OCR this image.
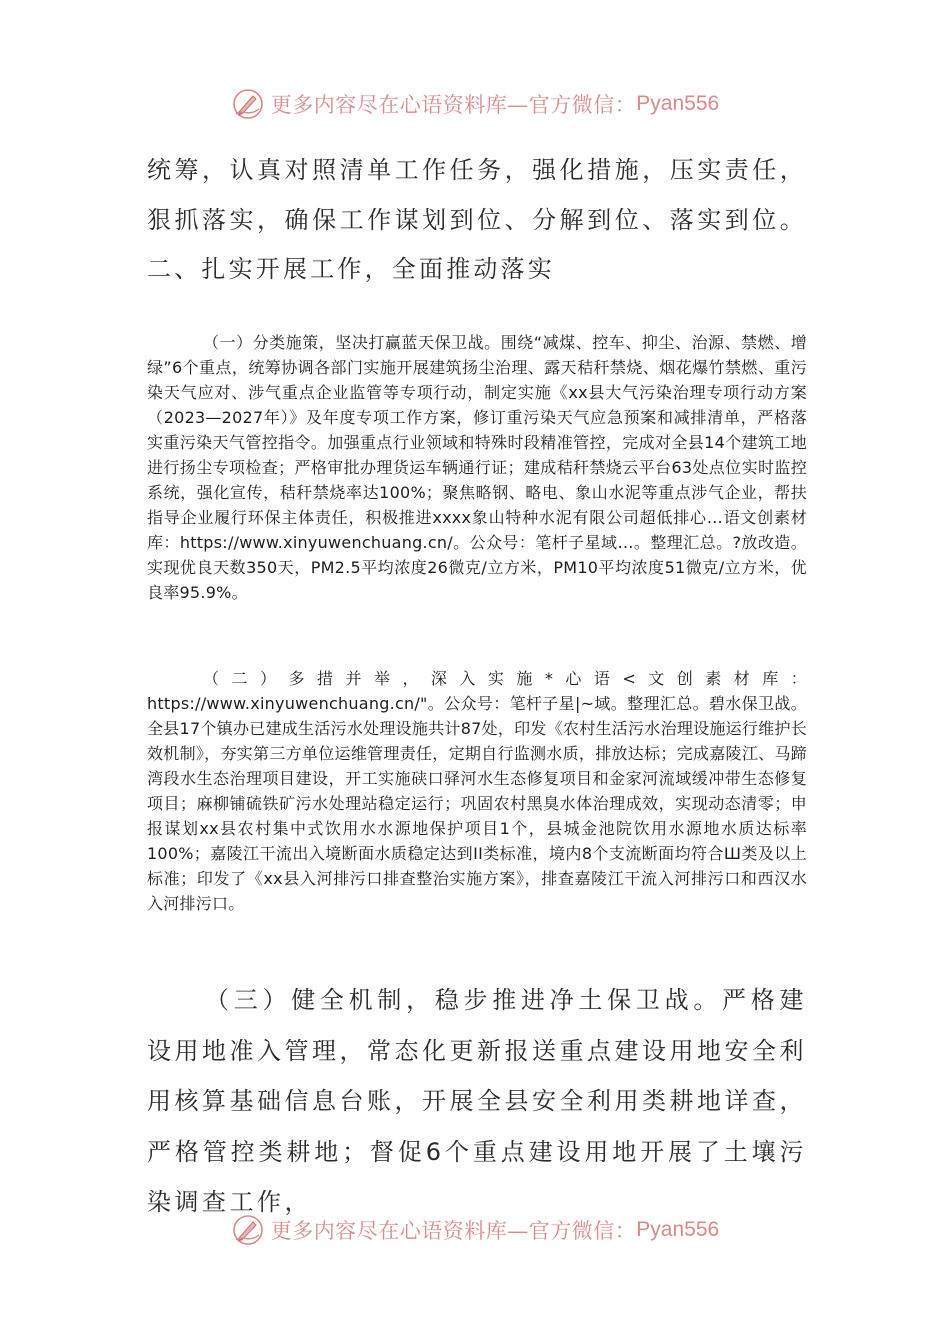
更多内容尽在心语资料库—官方微信： Pyan556

统筹，认真对照清单工作任务，强化措施，压实责任，狠抓落实，确保工作谋划到位、分解到位、落实到位。二、扎实开展工作，全面推动落实

（一）分类施策，坚决打赢蓝天保卫战。围绕“减煤、控车、抑尘、治源、禁燃、增绿”6个重点，统筹协调各部门实施开展建筑扬尘治理、露天秸秆禁烧、烟花爆竹禁燃、重污染天气应对、涉气重点企业监管等专项行动，制定实施《xx县大气污染治理专项行动方案（2023—2027年）》及年度专项工作方案，修订重污染天气应急预案和减排清单，严格落实重污染天气管控指令。加强重点行业领域和特殊时段精准管控，完成对全县14个建筑工地进行扬尘专项检查；严格审批办理货运车辆通行证；建成秸秆禁烧云平台63处点位实时监控系统，强化宣传，秸秆禁烧率达100%；聚焦略钢、略电、象山水泥等重点涉气企业，帮扶指导企业履行环保主体责任，积极推进xxxx象山特种水泥有限公司超低排心…语文创素材库：https://www.xinyuwenchuang.cn/。公众号：笔杆子星域…。整理汇总。?放改造。实现优良天数350天，PM2.5平均浓度26微克/立方米，PM10平均浓度51微克/立方米，优良率95.9%。

（二）多措并举，深入实施*心语<文创素材库：https://www.xinyuwenchuang.cn/"。公众号：笔杆子星|~域。整理汇总。碧水保卫战。全县17个镇办已建成生活污水处理设施共计87处，印发《农村生活污水治理设施运行维护长效机制》，夯实第三方单位运维管理责任，定期自行监测水质，排放达标；完成嘉陵江、马蹄湾段水生态治理项目建设，开工实施硖口驿河水生态修复项目和金家河流域缓冲带生态修复项目；麻柳铺硫铁矿污水处理站稳定运行；巩固农村黑臭水体治理成效，实现动态清零；申报谋划xx县农村集中式饮用水水源地保护项目1个，县城金池院饮用水源地水质达标率100%；嘉陵江干流出入境断面水质稳定达到II类标准，境内8个支流断面均符合Ш类及以上标准；印发了《xx县入河排污口排查整治实施方案》，排查嘉陵江干流入河排污口和西汉水入河排污口。

（三）健全机制，稳步推进净土保卫战。严格建设用地准入管理，常态化更新报送重点建设用地安全利用核算基础信息台账，开展全县安全利用类耕地详查，严格管控类耕地；督促6个重点建设用地开展了土壤污染调查工作，

更多内容尽在心语资料库—官方微信： Pyan556
